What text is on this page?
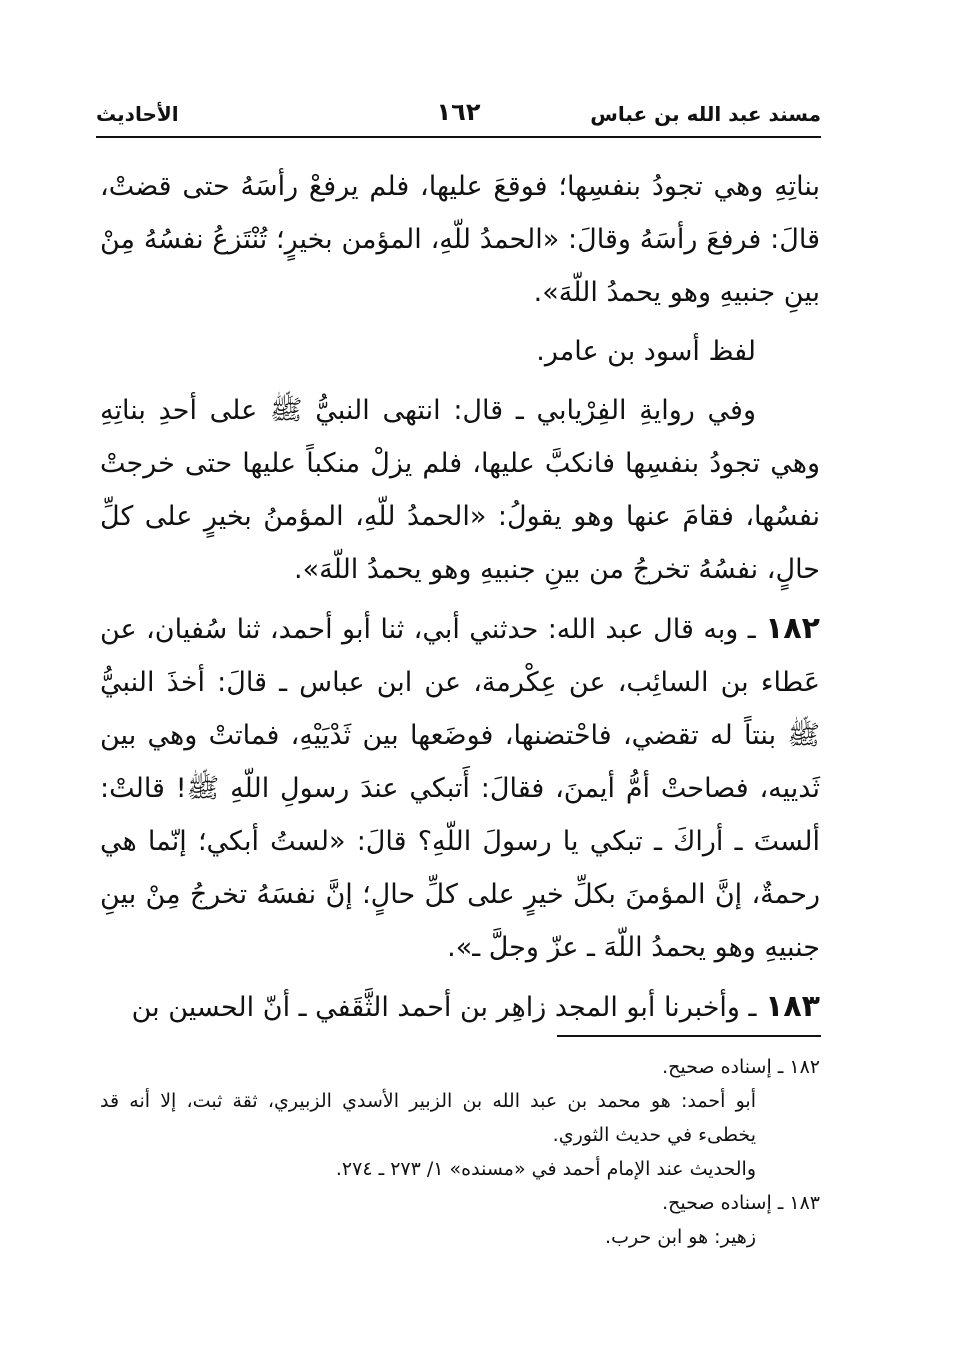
مسند عبد الله بن عباس
١٦٢
الأحاديث

بناتِهِ وهي تجودُ بنفسِها؛ فوقعَ عليها، فلم يرفعْ رأسَهُ حتى قضتْ، قالَ: فرفعَ رأسَهُ وقالَ: «الحمدُ للّهِ، المؤمن بخيرٍ؛ تُنْتَزعُ نفسُهُ مِنْ بينِ جنبيهِ وهو يحمدُ اللّهَ».

لفظ أسود بن عامر.

وفي روايةِ الفِرْيابي ـ قال: انتهى النبيُّ ﷺ على أحدِ بناتِهِ وهي تجودُ بنفسِها فانكبَّ عليها، فلم يزلْ منكباً عليها حتى خرجتْ نفسُها، فقامَ عنها وهو يقولُ: «الحمدُ للّهِ، المؤمنُ بخيرٍ على كلِّ حالٍ، نفسُهُ تخرجُ من بينِ جنبيهِ وهو يحمدُ اللّهَ».

١٨٢ ـ وبه قال عبد الله: حدثني أبي، ثنا أبو أحمد، ثنا سُفيان، عن عَطاء بن السائِب، عن عِكْرمة، عن ابن عباس ـ قالَ: أخذَ النبيُّ ﷺ بنتاً له تقضي، فاحْتضنها، فوضَعها بين ثَدْيَيْهِ، فماتتْ وهي بين ثَدييه، فصاحتْ أمُّ أيمنَ، فقالَ: أَتبكي عندَ رسولِ اللّهِ ﷺ! قالتْ: ألستَ ـ أراكَ ـ تبكي يا رسولَ اللّهِ؟ قالَ: «لستُ أبكي؛ إنّما هي رحمةٌ، إنَّ المؤمنَ بكلِّ خيرٍ على كلِّ حالٍ؛ إنَّ نفسَهُ تخرجُ مِنْ بينِ جنبيهِ وهو يحمدُ اللّهَ ـ عزّ وجلَّ ـ».

١٨٣ ـ وأخبرنا أبو المجد زاهِر بن أحمد الثَّقَفي ـ أنّ الحسين بن

١٨٢ ـ إسناده صحيح.

أبو أحمد: هو محمد بن عبد الله بن الزبير الأسدي الزبيري، ثقة ثبت، إلا أنه قد يخطىء في حديث الثوري.

والحديث عند الإمام أحمد في «مسنده» ١/ ٢٧٣ ـ ٢٧٤.

١٨٣ ـ إسناده صحيح.

زهير: هو ابن حرب.
